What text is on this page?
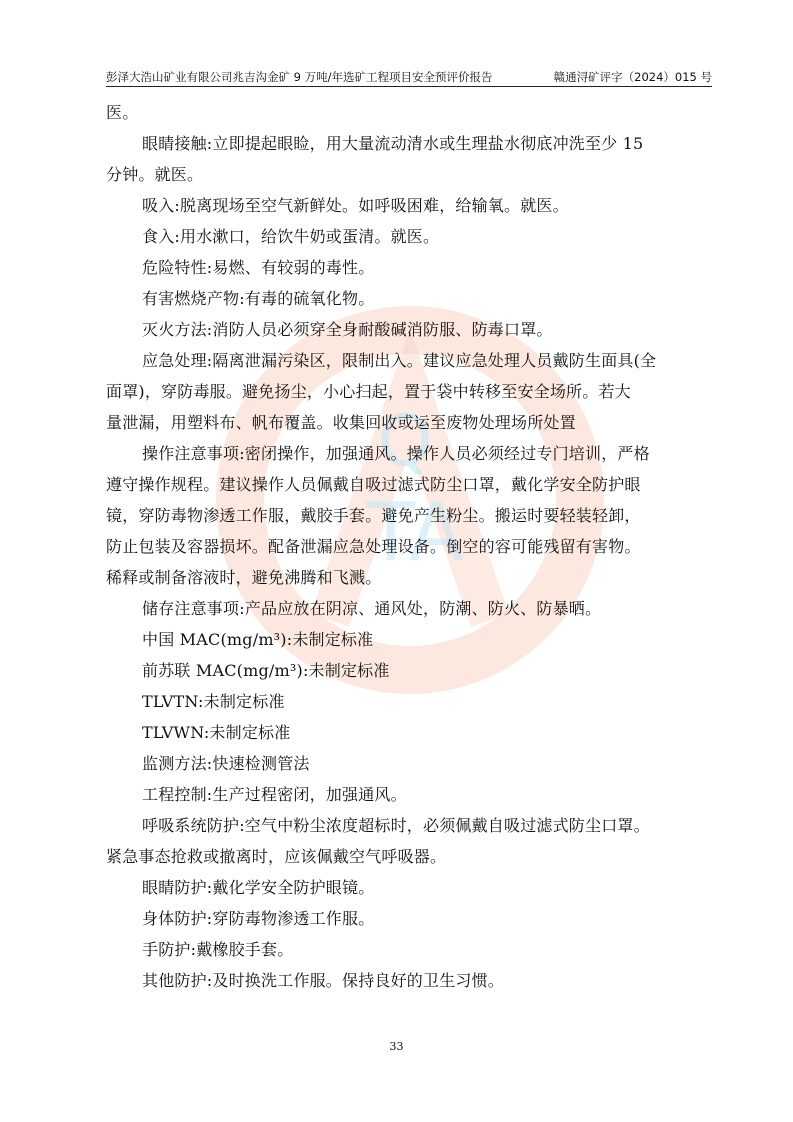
彭泽大浩山矿业有限公司兆吉沟金矿 9 万吨/年选矿工程项目安全预评价报告	赣通浔矿评字（2024）015 号
Q
TA

医。

眼睛接触:立即提起眼睑，用大量流动清水或生理盐水彻底冲洗至少 15

分钟。就医。

吸入:脱离现场至空气新鲜处。如呼吸困难，给输氧。就医。

食入:用水漱口，给饮牛奶或蛋清。就医。

危险特性:易燃、有较弱的毒性。

有害燃烧产物:有毒的硫氧化物。

灭火方法:消防人员必须穿全身耐酸碱消防服、防毒口罩。

应急处理:隔离泄漏污染区，限制出入。建议应急处理人员戴防生面具(全

面罩)，穿防毒服。避免扬尘，小心扫起，置于袋中转移至安全场所。若大

量泄漏，用塑料布、帆布覆盖。收集回收或运至废物处理场所处置

操作注意事项:密闭操作，加强通风。操作人员必须经过专门培训，严格

遵守操作规程。建议操作人员佩戴自吸过滤式防尘口罩，戴化学安全防护眼

镜，穿防毒物渗透工作服，戴胶手套。避免产生粉尘。搬运时要轻装轻卸，

防止包装及容器损坏。配备泄漏应急处理设备。倒空的容可能残留有害物。

稀释或制备溶液时，避免沸腾和飞溅。

储存注意事项:产品应放在阴凉、通风处，防潮、防火、防暴晒。

中国 MAC(mg/m³):未制定标准

前苏联 MAC(mg/m³):未制定标准

TLVTN:未制定标准

TLVWN:未制定标准

监测方法:快速检测管法

工程控制:生产过程密闭，加强通风。

呼吸系统防护:空气中粉尘浓度超标时，必须佩戴自吸过滤式防尘口罩。

紧急事态抢救或撤离时，应该佩戴空气呼吸器。

眼睛防护:戴化学安全防护眼镜。

身体防护:穿防毒物渗透工作服。

手防护:戴橡胶手套。

其他防护:及时换洗工作服。保持良好的卫生习惯。

33
